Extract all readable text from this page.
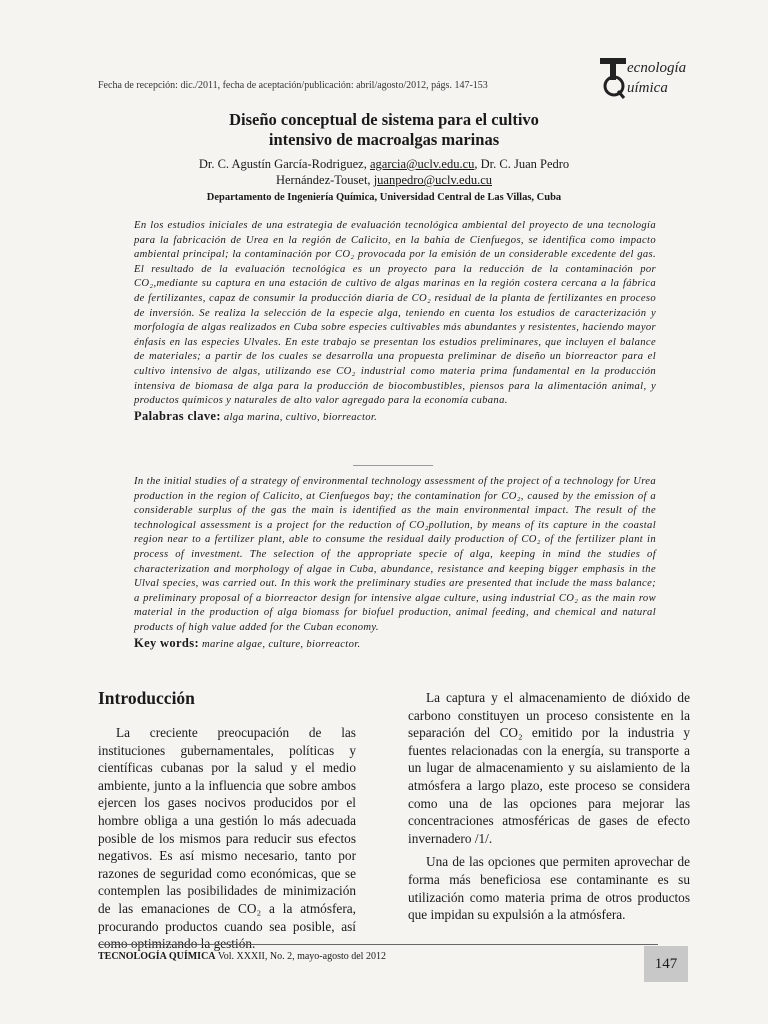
Fecha de recepción: dic./2011, fecha de aceptación/publicación: abril/agosto/2012, págs. 147-153
ecnología
uímica
Diseño conceptual de sistema para el cultivo
intensivo de macroalgas marinas
Dr. C. Agustín García-Rodriguez, agarcia@uclv.edu.cu, Dr. C. Juan Pedro
Hernández-Touset, juanpedro@uclv.edu.cu
Departamento de Ingeniería Química, Universidad Central de Las Villas, Cuba
En los estudios iniciales de una estrategia de evaluación tecnológica ambiental del proyecto de una tecnología para la fabricación de Urea en la región de Calicito, en la bahía de Cienfuegos, se identifica como impacto ambiental principal; la contaminación por CO₂ provocada por la emisión de un considerable excedente del gas. El resultado de la evaluación tecnológica es un proyecto para la reducción de la contaminación por CO₂,mediante su captura en una estación de cultivo de algas marinas en la región costera cercana a la fábrica de fertilizantes, capaz de consumir la producción diaria de CO₂ residual de la planta de fertilizantes en proceso de inversión. Se realiza la selección de la especie alga, teniendo en cuenta los estudios de caracterización y morfología de algas realizados en Cuba sobre especies cultivables más abundantes y resistentes, haciendo mayor énfasis en las especies Ulvales. En este trabajo se presentan los estudios preliminares, que incluyen el balance de materiales; a partir de los cuales se desarrolla una propuesta preliminar de diseño un biorreactor para el cultivo intensivo de algas, utilizando ese CO₂ industrial como materia prima fundamental en la producción intensiva de biomasa de alga para la producción de biocombustibles, piensos para la alimentación animal, y productos químicos y naturales de alto valor agregado para la economía cubana.
Palabras clave: alga marina, cultivo, biorreactor.
In the initial studies of a strategy of environmental technology assessment of the project of a technology for Urea production in the region of Calicito, at Cienfuegos bay; the contamination for CO₂, caused by the emission of a considerable surplus of the gas the main is identified as the main environmental impact. The result of the technological assessment is a project for the reduction of CO₂pollution, by means of its capture in the coastal region near to a fertilizer plant, able to consume the residual daily production of CO₂ of the fertilizer plant in process of investment. The selection of the appropriate specie of alga, keeping in mind the studies of characterization and morphology of algae in Cuba, abundance, resistance and keeping bigger emphasis in the Ulval species, was carried out. In this work the preliminary studies are presented that include the mass balance; a preliminary proposal of a biorreactor design for intensive algae culture, using industrial CO₂ as the main row material in the production of alga biomass for biofuel production, animal feeding, and chemical and natural products of high value added for the Cuban economy.
Key words: marine algae, culture, biorreactor.
Introducción

La creciente preocupación de las instituciones gubernamentales, políticas y científicas cubanas por la salud y el medio ambiente, junto a la influencia que sobre ambos ejercen los gases nocivos producidos por el hombre obliga a una gestión lo más adecuada posible de los mismos para reducir sus efectos negativos. Es así mismo necesario, tanto por razones de seguridad como económicas, que se contemplen las posibilidades de minimización de las emanaciones de CO₂ a la atmósfera, procurando productos cuando sea posible, así como optimizando la gestión.

La captura y el almacenamiento de dióxido de carbono constituyen un proceso consistente en la separación del CO₂ emitido por la industria y fuentes relacionadas con la energía, su transporte a un lugar de almacenamiento y su aislamiento de la atmósfera a largo plazo, este proceso se considera como una de las opciones para mejorar las concentraciones atmosféricas de gases de efecto invernadero /1/.

Una de las opciones que permiten aprovechar de forma más beneficiosa ese contaminante es su utilización como materia prima de otros productos que impidan su expulsión a la atmósfera.

TECNOLOGÍA QUÍMICA Vol. XXXII, No. 2, mayo-agosto del 2012	147
